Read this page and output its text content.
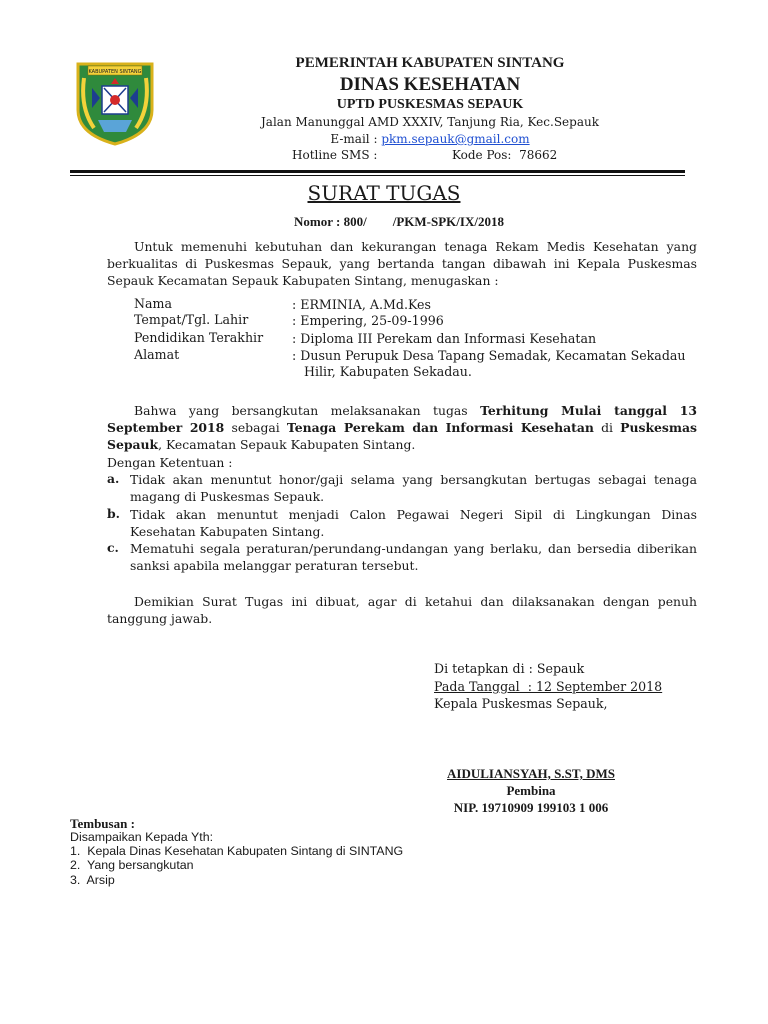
KABUPATEN SINTANG
PEMERINTAH KABUPATEN SINTANG
DINAS KESEHATAN
UPTD PUSKESMAS SEPAUK
Jalan Manunggal AMD XXXIV, Tanjung Ria, Kec.Sepauk
E-mail : pkm.sepauk@gmail.com
Hotline SMS :	Kode Pos: 78662
SURAT TUGAS
Nomor : 800/        /PKM-SPK/IX/2018
Untuk memenuhi kebutuhan dan kekurangan tenaga Rekam Medis Kesehatan yang berkualitas di Puskesmas Sepauk, yang bertanda tangan dibawah ini Kepala Puskesmas Sepauk Kecamatan Sepauk Kabupaten Sintang, menugaskan :
Nama	: ERMINIA, A.Md.Kes
Tempat/Tgl. Lahir	: Empering, 25-09-1996
Pendidikan Terakhir : Diploma III Perekam dan Informasi Kesehatan
Alamat	: Dusun Perupuk Desa Tapang Semadak, Kecamatan Sekadau
Hilir, Kabupaten Sekadau.
Bahwa yang bersangkutan melaksanakan tugas Terhitung Mulai tanggal 13 September 2018 sebagai Tenaga Perekam dan Informasi Kesehatan di Puskesmas Sepauk, Kecamatan Sepauk Kabupaten Sintang.
Dengan Ketentuan :
a. Tidak akan menuntut honor/gaji selama yang bersangkutan bertugas sebagai tenaga magang di Puskesmas Sepauk.
b. Tidak akan menuntut menjadi Calon Pegawai Negeri Sipil di Lingkungan Dinas Kesehatan Kabupaten Sintang.
c. Mematuhi segala peraturan/perundang-undangan yang berlaku, dan bersedia diberikan sanksi apabila melanggar peraturan tersebut.
Demikian Surat Tugas ini dibuat, agar di ketahui dan dilaksanakan dengan penuh tanggung jawab.
Di tetapkan di : Sepauk
Pada Tanggal  : 12 September 2018
Kepala Puskesmas Sepauk,
AIDULIANSYAH, S.ST, DMS
Pembina
NIP. 19710909 199103 1 006
Tembusan :
Disampaikan Kepada Yth:
1.  Kepala Dinas Kesehatan Kabupaten Sintang di SINTANG
2.  Yang bersangkutan
3.  Arsip
